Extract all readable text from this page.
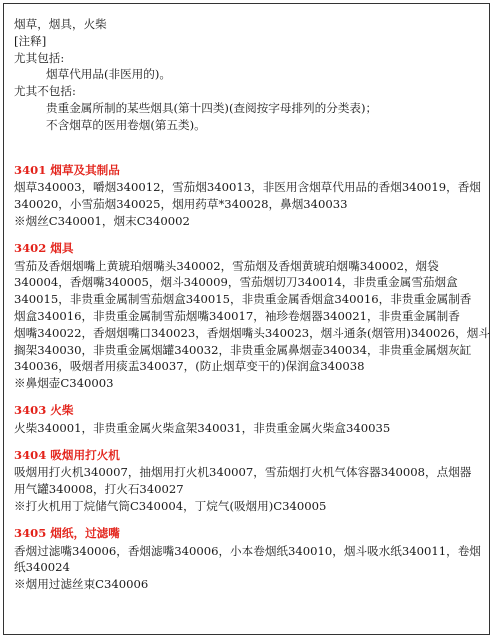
烟草，烟具，火柴
[注释]
尤其包括:
烟草代用品(非医用的)。
尤其不包括:
贵重金属所制的某些烟具(第十四类)(查阅按字母排列的分类表)；
不含烟草的医用卷烟(第五类)。
3401 烟草及其制品
烟草340003，嚼烟340012，雪茄烟340013，非医用含烟草代用品的香烟340019，香烟
340020，小雪茄烟340025，烟用药草*340028，鼻烟340033
※烟丝C340001，烟末C340002
3402 烟具
雪茄及香烟烟嘴上黄琥珀烟嘴头340002，雪茄烟及香烟黄琥珀烟嘴340002，烟袋
340004，香烟嘴340005，烟斗340009，雪茄烟切刀340014，非贵重金属雪茄烟盒
340015，非贵重金属制雪茄烟盒340015，非贵重金属香烟盒340016，非贵重金属制香
烟盒340016，非贵重金属制雪茄烟嘴340017，袖珍卷烟器340021，非贵重金属制香
烟嘴340022，香烟烟嘴口340023，香烟烟嘴头340023，烟斗通条(烟管用)340026，烟斗
搁架340030，非贵重金属烟罐340032，非贵重金属鼻烟壶340034，非贵重金属烟灰缸
340036，吸烟者用痰盂340037，(防止烟草变干的)保润盒340038
※鼻烟壶C340003
3403 火柴
火柴340001，非贵重金属火柴盒架340031，非贵重金属火柴盒340035
3404 吸烟用打火机
吸烟用打火机340007，抽烟用打火机340007，雪茄烟打火机气体容器340008，点烟器
用气罐340008，打火石340027
※打火机用丁烷储气筒C340004，丁烷气(吸烟用)C340005
3405 烟纸，过滤嘴
香烟过滤嘴340006，香烟滤嘴340006，小本卷烟纸340010，烟斗吸水纸340011，卷烟
纸340024
※烟用过滤丝束C340006
